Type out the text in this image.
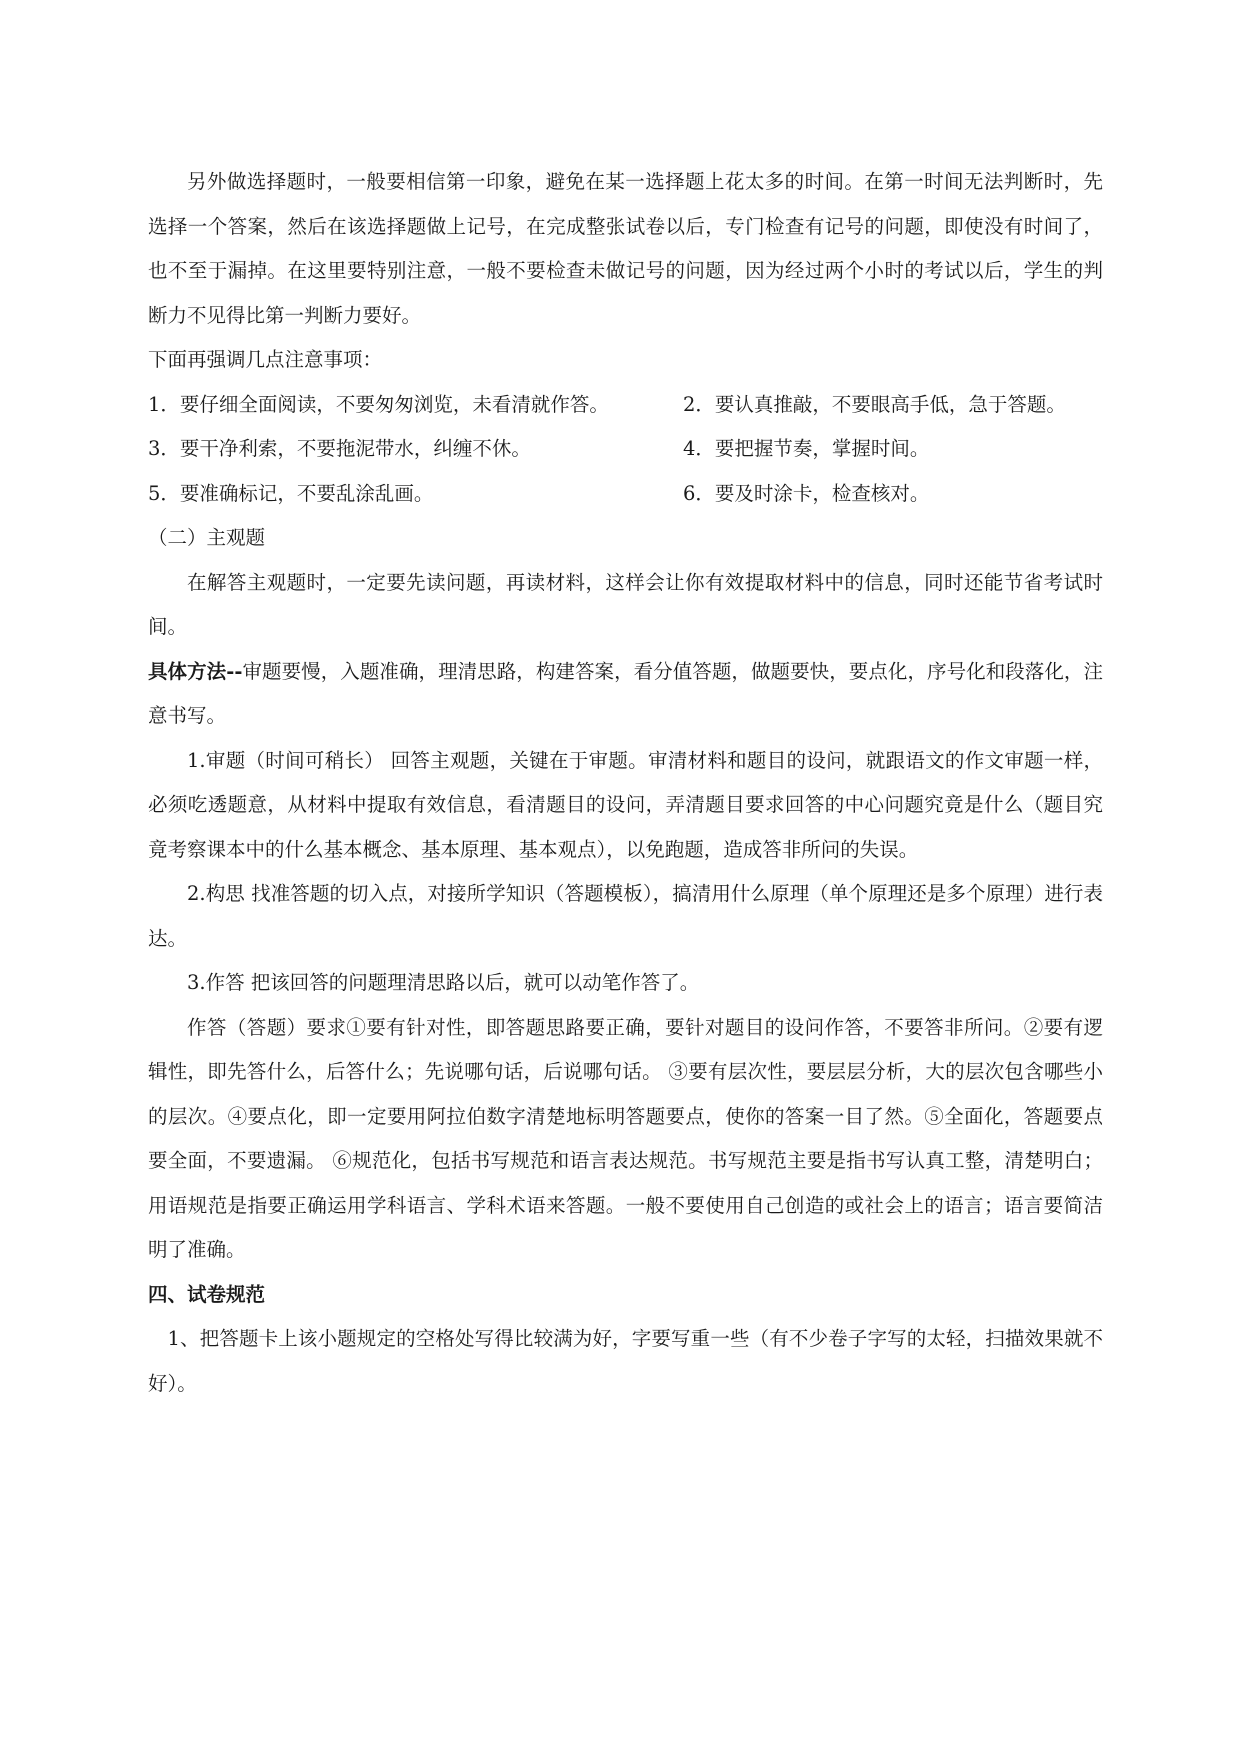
另外做选择题时，一般要相信第一印象，避免在某一选择题上花太多的时间。在第一时间无法判断时，先选择一个答案，然后在该选择题做上记号，在完成整张试卷以后，专门检查有记号的问题，即使没有时间了，也不至于漏掉。在这里要特别注意，一般不要检查未做记号的问题，因为经过两个小时的考试以后，学生的判断力不见得比第一判断力要好。

下面再强调几点注意事项：

1．要仔细全面阅读，不要匆匆浏览，未看清就作答。	2．要认真推敲，不要眼高手低，急于答题。
3．要干净利索，不要拖泥带水，纠缠不休。	4．要把握节奏，掌握时间。
5．要准确标记，不要乱涂乱画。	6．要及时涂卡，检查核对。

（二）主观题

在解答主观题时，一定要先读问题，再读材料，这样会让你有效提取材料中的信息，同时还能节省考试时间。

具体方法--审题要慢，入题准确，理清思路，构建答案，看分值答题，做题要快，要点化，序号化和段落化，注意书写。

1.审题（时间可稍长） 回答主观题，关键在于审题。审清材料和题目的设问，就跟语文的作文审题一样，必须吃透题意，从材料中提取有效信息，看清题目的设问，弄清题目要求回答的中心问题究竟是什么（题目究竟考察课本中的什么基本概念、基本原理、基本观点），以免跑题，造成答非所问的失误。

2.构思 找准答题的切入点，对接所学知识（答题模板），搞清用什么原理（单个原理还是多个原理）进行表达。

3.作答 把该回答的问题理清思路以后，就可以动笔作答了。

作答（答题）要求①要有针对性，即答题思路要正确，要针对题目的设问作答，不要答非所问。②要有逻辑性，即先答什么，后答什么；先说哪句话，后说哪句话。 ③要有层次性，要层层分析，大的层次包含哪些小的层次。④要点化，即一定要用阿拉伯数字清楚地标明答题要点，使你的答案一目了然。⑤全面化，答题要点要全面，不要遗漏。 ⑥规范化，包括书写规范和语言表达规范。书写规范主要是指书写认真工整，清楚明白；用语规范是指要正确运用学科语言、学科术语来答题。一般不要使用自己创造的或社会上的语言；语言要简洁明了准确。

四、试卷规范

1、把答题卡上该小题规定的空格处写得比较满为好，字要写重一些（有不少卷子字写的太轻，扫描效果就不好）。
